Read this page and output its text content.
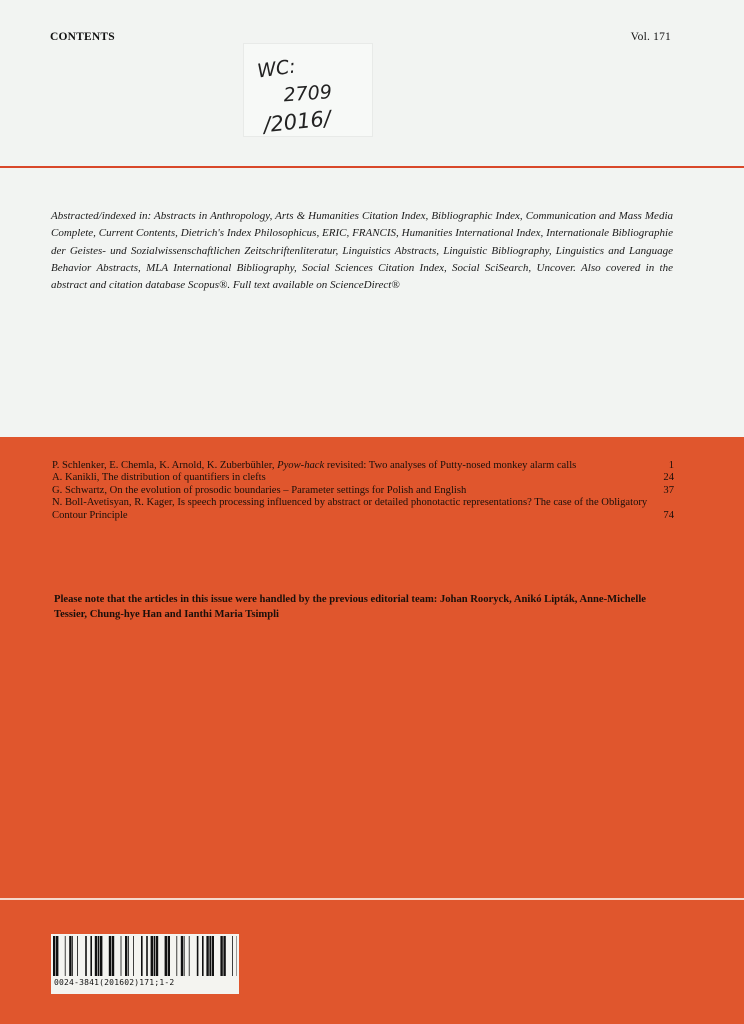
CONTENTS	Vol. 171
WC:
2709
/2016/
Abstracted/indexed in: Abstracts in Anthropology, Arts & Humanities Citation Index, Bibliographic Index, Communication and Mass Media Complete, Current Contents, Dietrich's Index Philosophicus, ERIC, FRANCIS, Humanities International Index, Internationale Bibliographie der Geistes- und Sozialwissenschaftlichen Zeitschriftenliteratur, Linguistics Abstracts, Linguistic Bibliography, Linguistics and Language Behavior Abstracts, MLA International Bibliography, Social Sciences Citation Index, Social SciSearch, Uncover. Also covered in the abstract and citation database Scopus®. Full text available on ScienceDirect®
P. Schlenker, E. Chemla, K. Arnold, K. Zuberbühler, Pyow-hack revisited: Two analyses of Putty-nosed monkey alarm calls	1
A. Kanikli, The distribution of quantifiers in clefts	24
G. Schwartz, On the evolution of prosodic boundaries – Parameter settings for Polish and English	37
N. Boll-Avetisyan, R. Kager, Is speech processing influenced by abstract or detailed phonotactic representations? The case of the Obligatory Contour Principle	74
Please note that the articles in this issue were handled by the previous editorial team: Johan Rooryck, Anikó Lipták, Anne-Michelle Tessier, Chung-hye Han and Ianthi Maria Tsimpli
0024-3841(201602)171;1-2
